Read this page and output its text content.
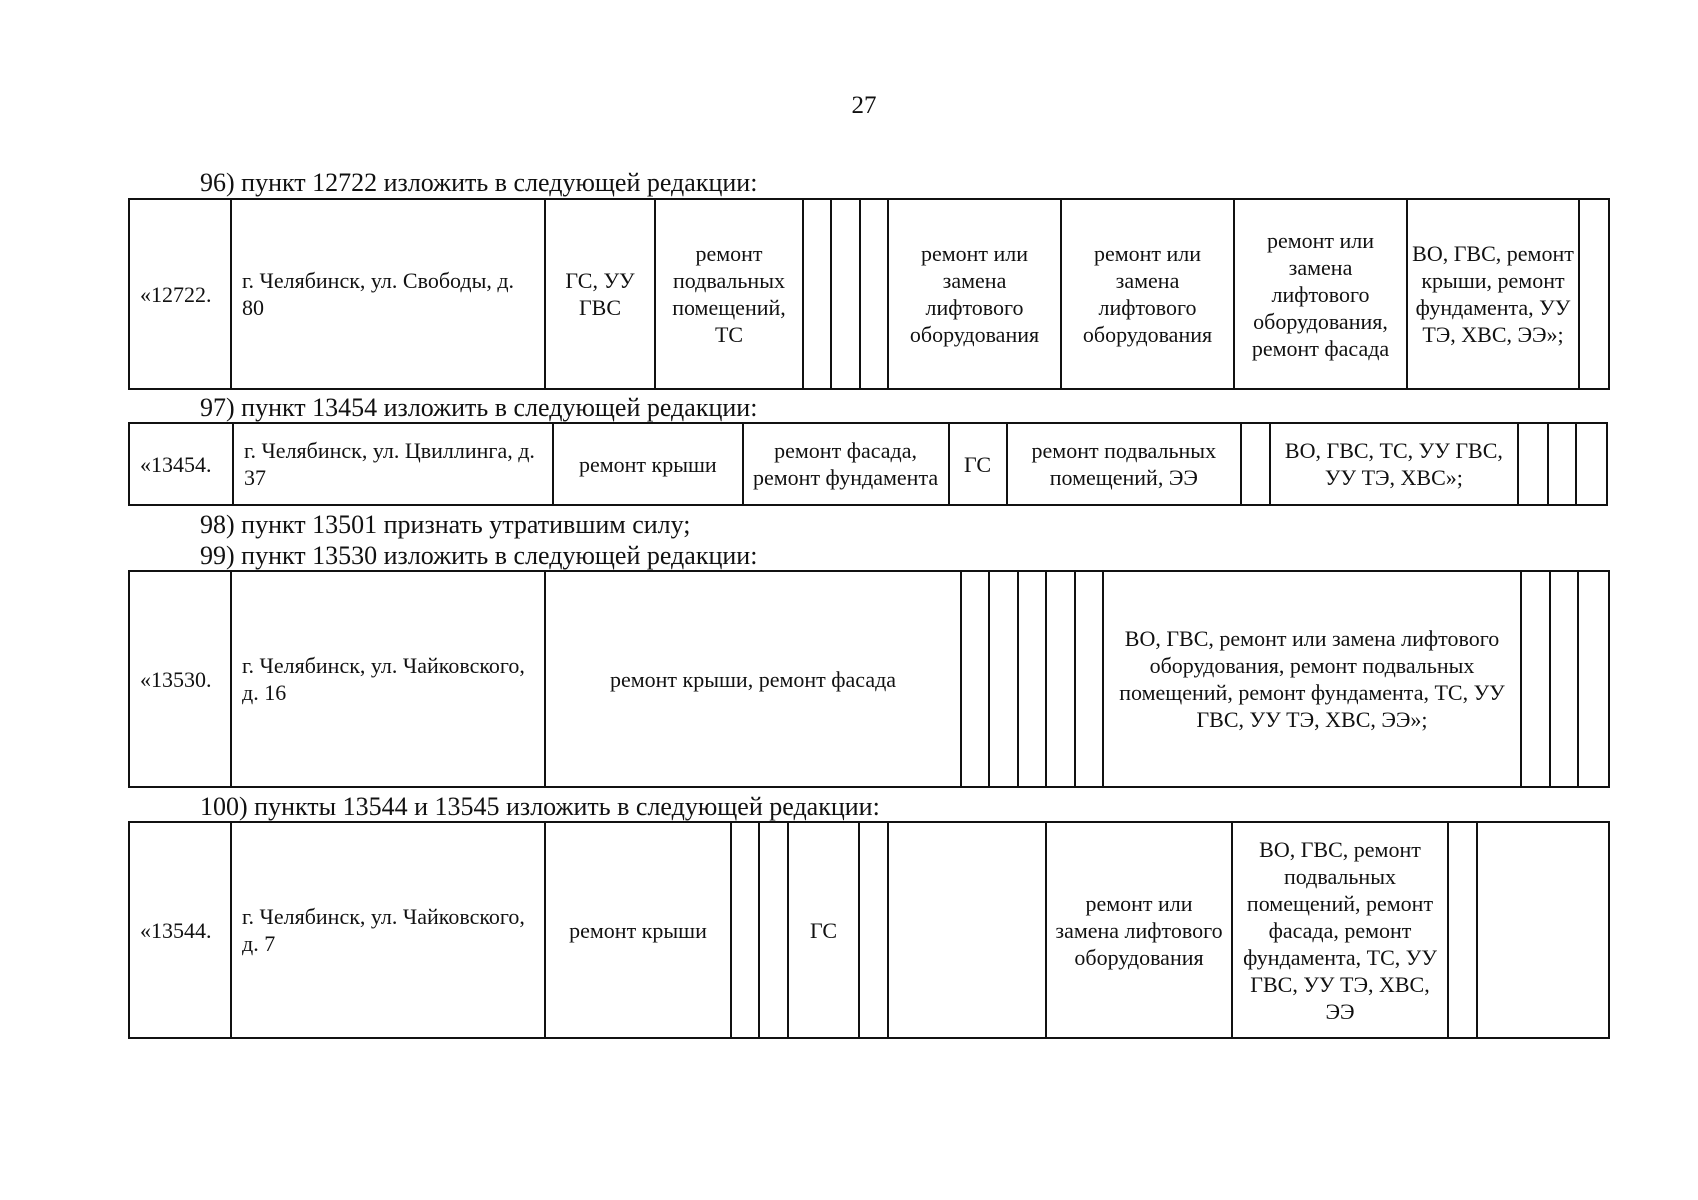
27
96) пункт 12722 изложить в следующей редакции:
«12722.	г. Челябинск, ул. Свободы, д. 80	ГС, УУ ГВС	ремонт подвальных помещений, ТС				ремонт или замена лифтового оборудования	ремонт или замена лифтового оборудования	ремонт или замена лифтового оборудования, ремонт фасада	ВО, ГВС, ремонт крыши, ремонт фундамента, УУ ТЭ, ХВС, ЭЭ»;	
97) пункт 13454 изложить в следующей редакции:
«13454.	г. Челябинск, ул. Цвиллинга, д. 37	ремонт крыши	ремонт фасада, ремонт фундамента	ГС	ремонт подвальных помещений, ЭЭ		ВО, ГВС, ТС, УУ ГВС, УУ ТЭ, ХВС»;			
98) пункт 13501 признать утратившим силу;
99) пункт 13530 изложить в следующей редакции:
«13530.	г. Челябинск, ул. Чайковского, д. 16	ремонт крыши, ремонт фасада						ВО, ГВС, ремонт или замена лифтового оборудования, ремонт подвальных помещений, ремонт фундамента, ТС, УУ ГВС, УУ ТЭ, ХВС, ЭЭ»;			
100) пункты 13544 и 13545 изложить в следующей редакции:
«13544.	г. Челябинск, ул. Чайковского, д. 7	ремонт крыши			ГС			ремонт или замена лифтового оборудования	ВО, ГВС, ремонт подвальных помещений, ремонт фасада, ремонт фундамента, ТС, УУ ГВС, УУ ТЭ, ХВС, ЭЭ		
